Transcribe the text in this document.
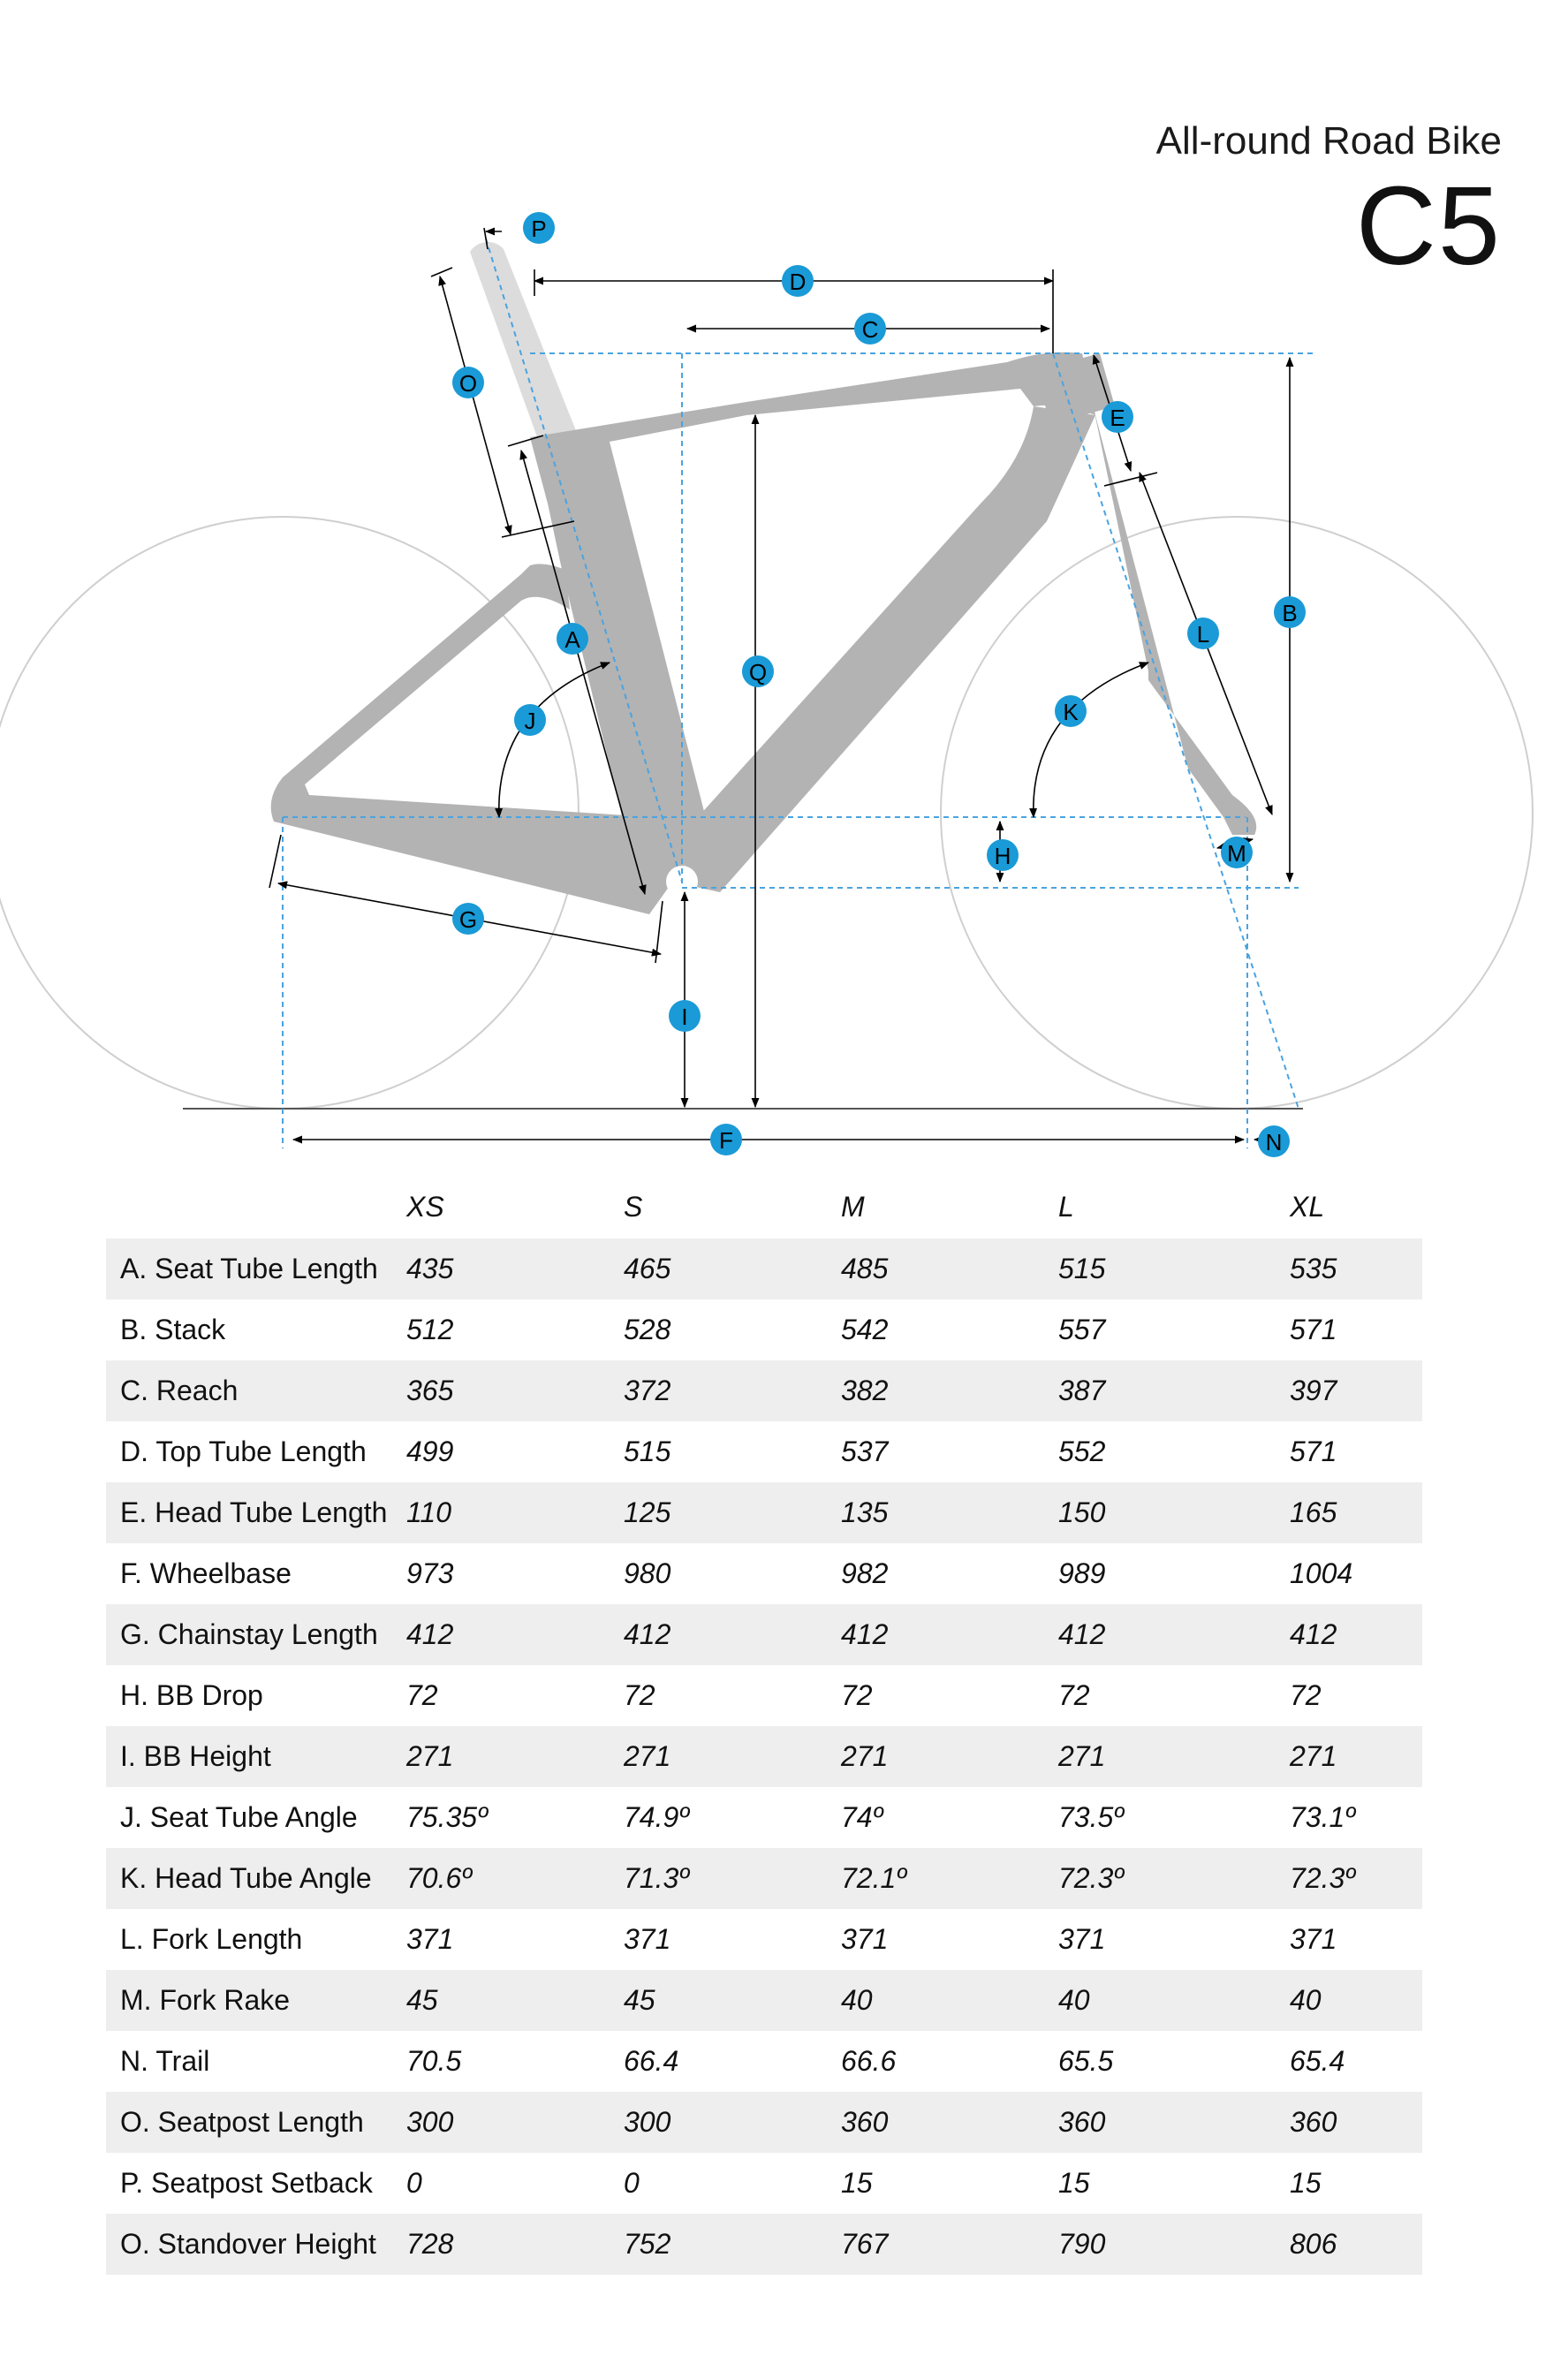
All-round Road Bike
C5
A
B
C
D
E
F
G
H
I
J	K
L
M
N
O
P
Q
	XS	S	M	L	XL
A. Seat Tube Length	435	465	485	515	535
B. Stack	512	528	542	557	571
C. Reach	365	372	382	387	397
D. Top Tube Length	499	515	537	552	571
E. Head Tube Length	110	125	135	150	165
F. Wheelbase	973	980	982	989	1004
G. Chainstay Length	412	412	412	412	412
H. BB Drop	72	72	72	72	72
I. BB Height	271	271	271	271	271
J. Seat Tube Angle	75.35º	74.9º	74º	73.5º	73.1º
K. Head Tube Angle	70.6º	71.3º	72.1º	72.3º	72.3º
L. Fork Length	371	371	371	371	371
M. Fork Rake	45	45	40	40	40
N. Trail	70.5	66.4	66.6	65.5	65.4
O. Seatpost Length	300	300	360	360	360
P. Seatpost Setback	0	0	15	15	15
O. Standover Height	728	752	767	790	806
